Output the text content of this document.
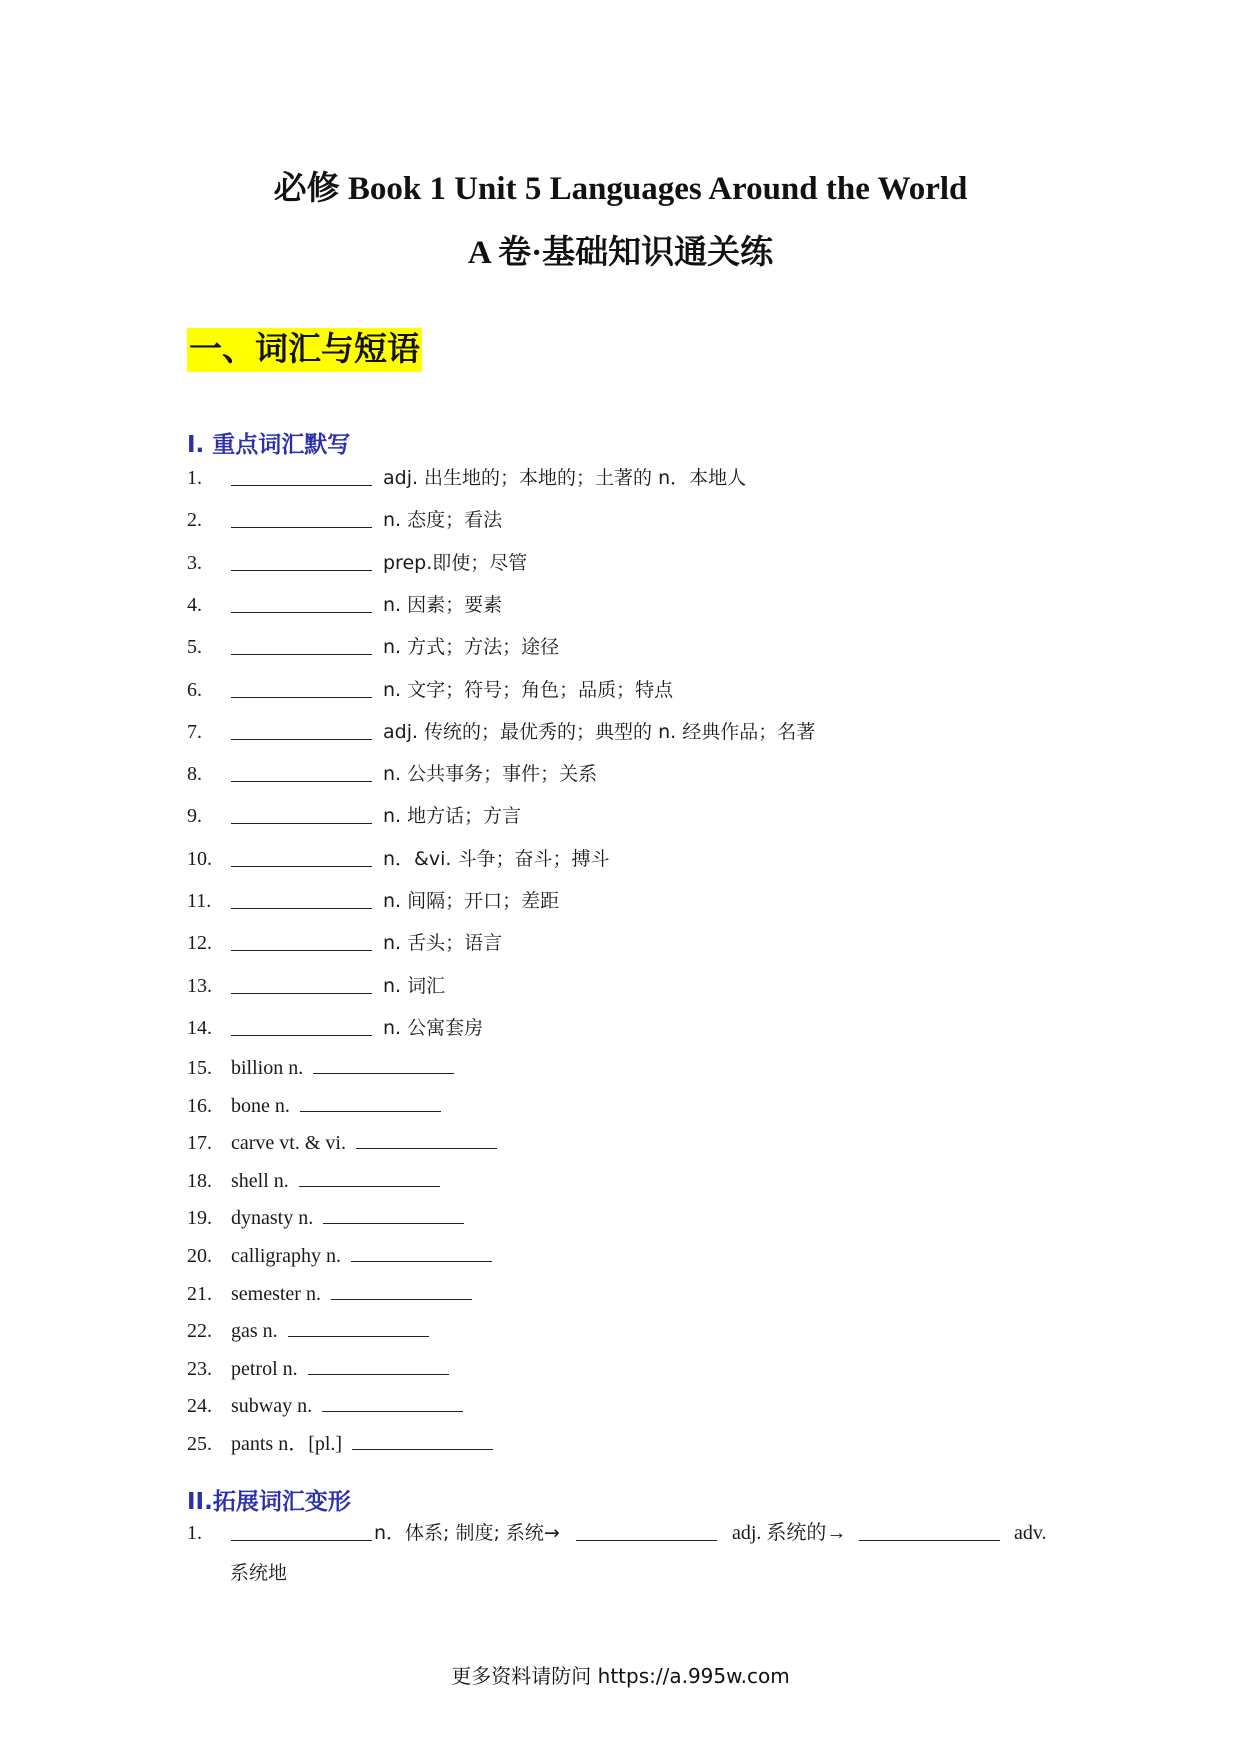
必修 Book 1 Unit 5 Languages Around the World
A 卷·基础知识通关练
一、词汇与短语
I. 重点词汇默写
1.	adj. 出生地的；本地的；土著的 n．本地人
2.	n. 态度；看法
3.	prep.即使；尽管
4.	n. 因素；要素
5.	n. 方式；方法；途径
6.	n. 文字；符号；角色；品质；特点
7.	adj. 传统的；最优秀的；典型的 n. 经典作品；名著
8.	n. 公共事务；事件；关系
9.	n. 地方话；方言
10.	n．&vi. 斗争；奋斗；搏斗
11.	n. 间隔；开口；差距
12.	n. 舌头；语言
13.	n. 词汇
14.	n. 公寓套房
15. billion n.
16. bone n.
17. carve vt. & vi.
18. shell n.
19. dynasty n.
20. calligraphy n.
21. semester n.
22. gas n.
23. petrol n.
24. subway n.
25. pants n．[pl.]
II.拓展词汇变形
1.	n．体系; 制度; 系统→	adj. 系统的→	adv.
系统地
更多资料请防问 https://a.995w.com
